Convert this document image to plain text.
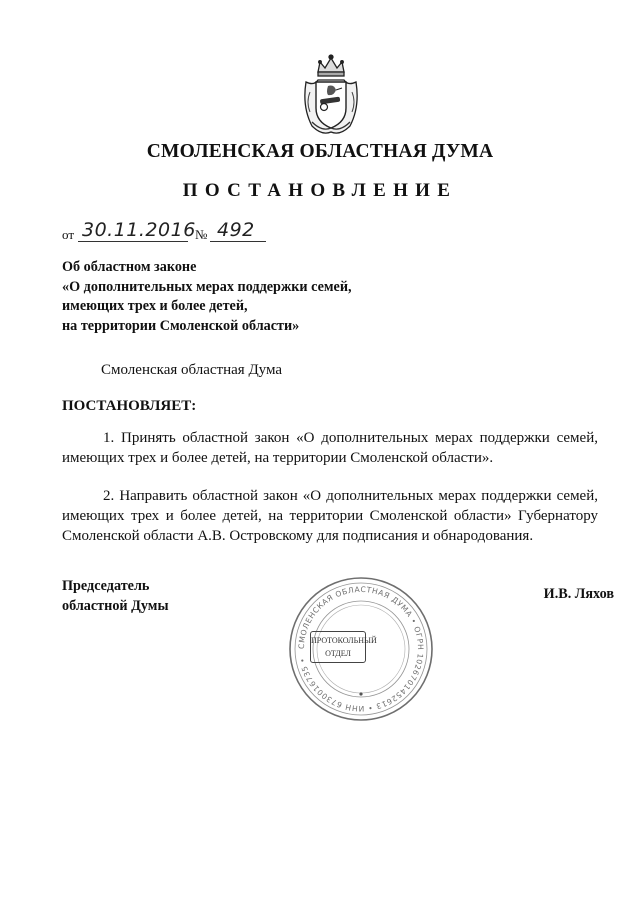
СМОЛЕНСКАЯ ОБЛАСТНАЯ ДУМА
ПОСТАНОВЛЕНИЕ
от 30.11.2016 № 492
Об областном законе
«О дополнительных мерах поддержки семей,
имеющих трех и более детей,
на территории Смоленской области»
Смоленская областная Дума
ПОСТАНОВЛЯЕТ:
1. Принять областной закон «О дополнительных мерах поддержки семей, имеющих трех и более детей, на территории Смоленской области».
2. Направить областной закон «О дополнительных мерах поддержки семей, имеющих трех и более детей, на территории Смоленской области» Губернатору Смоленской области А.В. Островскому для подписания и обнародования.
Председатель
областной Думы
И.В. Ляхов
СМОЛЕНСКАЯ ОБЛАСТНАЯ ДУМА • ОГРН 1026701452613 • ИНН 6730016735 •
ПРОТОКОЛЬНЫЙ
ОТДЕЛ
